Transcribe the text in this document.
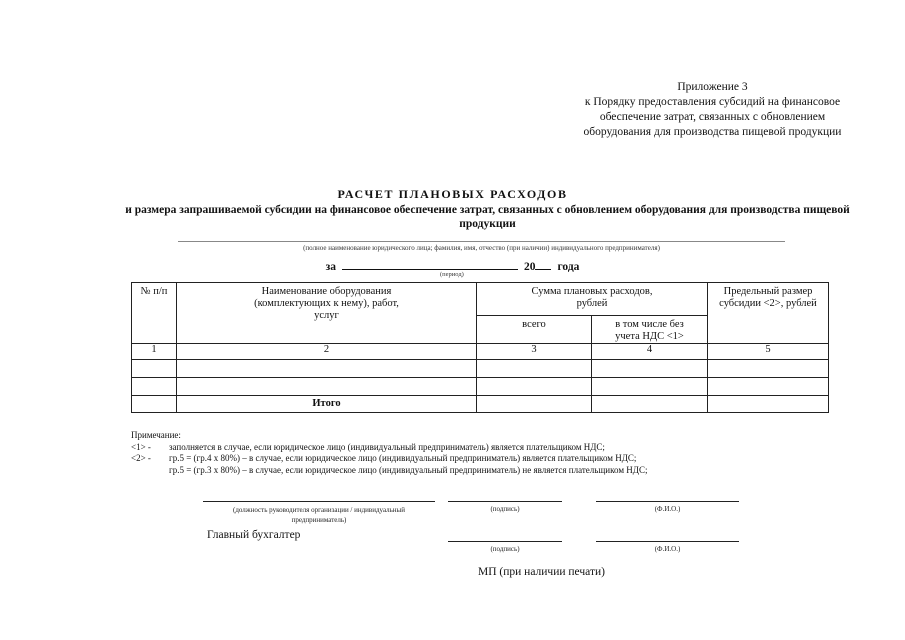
Приложение 3
к Порядку предоставления субсидий на финансовое
обеспечение затрат, связанных с обновлением
оборудования для производства пищевой продукции
РАСЧЕТ ПЛАНОВЫХ РАСХОДОВ
и размера запрашиваемой субсидии на финансовое обеспечение затрат, связанных с обновлением оборудования для производства пищевой продукции
(полное наименование юридического лица; фамилия, имя, отчество (при наличии) индивидуального предпринимателя)
за	20 года
(период)
№ п/п	Наименование оборудования (комплектующих к нему), работ, услуг	Сумма плановых расходов, рублей		Предельный размер субсидии <2>, рублей
		всего	в том числе без учета НДС <1>	
1	2	3	4	5

	Итого			
Примечание:
<1> - заполняется в случае, если юридическое лицо (индивидуальный предприниматель) является плательщиком НДС;
<2> - гр.5 = (гр.4 х 80%) – в случае, если юридическое лицо (индивидуальный предприниматель) является плательщиком НДС;
гр.5 = (гр.3 х 80%) – в случае, если юридическое лицо (индивидуальный предприниматель) не является плательщиком НДС;
(должность руководителя организации / индивидуальный
предприниматель)
(подпись)	(Ф.И.О.)
Главный бухгалтер
(подпись)	(Ф.И.О.)
МП (при наличии печати)
